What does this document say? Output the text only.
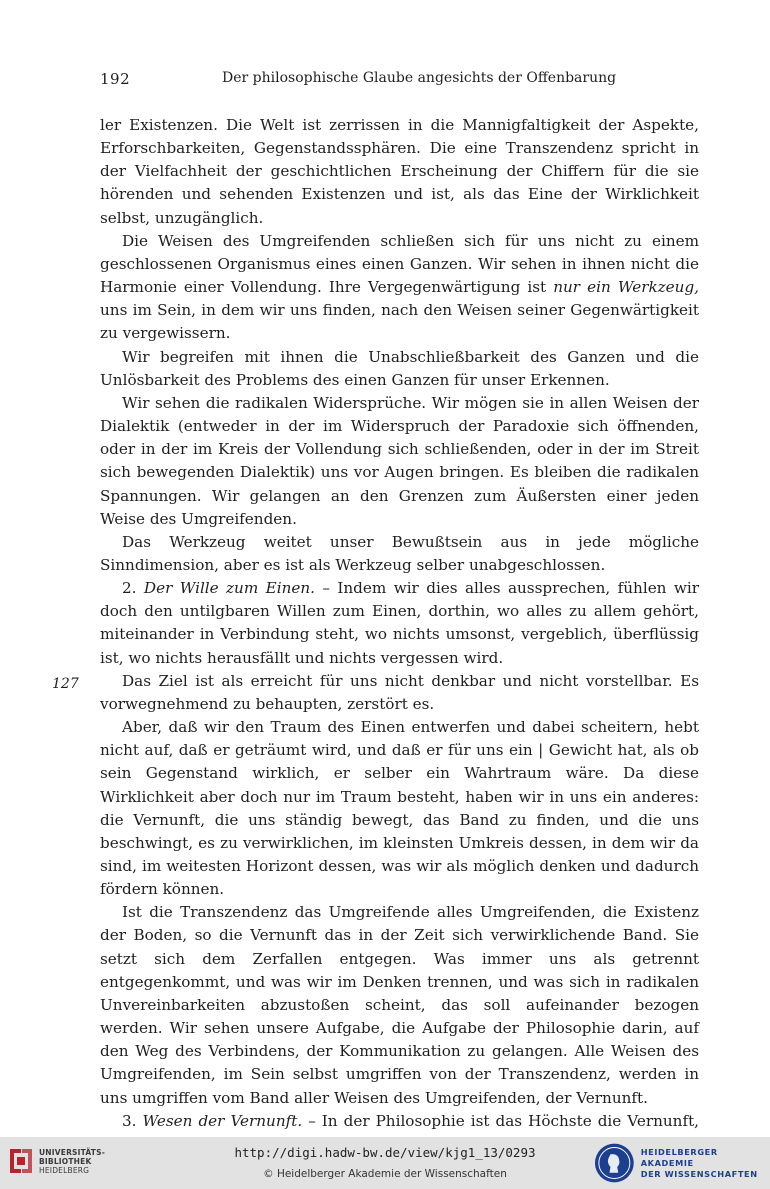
192	Der philosophische Glaube angesichts der Offenbarung
127

ler Existenzen. Die Welt ist zerrissen in die Mannigfaltigkeit der Aspekte, Erforschbarkeiten, Gegenstandssphären. Die eine Transzendenz spricht in der Vielfachheit der geschichtlichen Erscheinung der Chiffern für die sie hörenden und sehenden Existenzen und ist, als das Eine der Wirklichkeit selbst, unzugänglich.

Die Weisen des Umgreifenden schließen sich für uns nicht zu einem geschlossenen Organismus eines einen Ganzen. Wir sehen in ihnen nicht die Harmonie einer Vollendung. Ihre Vergegenwärtigung ist nur ein Werkzeug, uns im Sein, in dem wir uns finden, nach den Weisen seiner Gegenwärtigkeit zu vergewissern.

Wir begreifen mit ihnen die Unabschließbarkeit des Ganzen und die Unlösbarkeit des Problems des einen Ganzen für unser Erkennen.

Wir sehen die radikalen Widersprüche. Wir mögen sie in allen Weisen der Dialektik (entweder in der im Widerspruch der Paradoxie sich öffnenden, oder in der im Kreis der Vollendung sich schließenden, oder in der im Streit sich bewegenden Dialektik) uns vor Augen bringen. Es bleiben die radikalen Spannungen. Wir gelangen an den Grenzen zum Äußersten einer jeden Weise des Umgreifenden.

Das Werkzeug weitet unser Bewußtsein aus in jede mögliche Sinndimension, aber es ist als Werkzeug selber unabgeschlossen.

2. Der Wille zum Einen. – Indem wir dies alles aussprechen, fühlen wir doch den untilgbaren Willen zum Einen, dorthin, wo alles zu allem gehört, miteinander in Verbindung steht, wo nichts umsonst, vergeblich, überflüssig ist, wo nichts herausfällt und nichts vergessen wird.

Das Ziel ist als erreicht für uns nicht denkbar und nicht vorstellbar. Es vorwegnehmend zu behaupten, zerstört es.

Aber, daß wir den Traum des Einen entwerfen und dabei scheitern, hebt nicht auf, daß er geträumt wird, und daß er für uns ein | Gewicht hat, als ob sein Gegenstand wirklich, er selber ein Wahrtraum wäre. Da diese Wirklichkeit aber doch nur im Traum besteht, haben wir in uns ein anderes: die Vernunft, die uns ständig bewegt, das Band zu finden, und die uns beschwingt, es zu verwirklichen, im kleinsten Umkreis dessen, in dem wir da sind, im weitesten Horizont dessen, was wir als möglich denken und dadurch fördern können.

Ist die Transzendenz das Umgreifende alles Umgreifenden, die Existenz der Boden, so die Vernunft das in der Zeit sich verwirklichende Band. Sie setzt sich dem Zerfallen entgegen. Was immer uns als getrennt entgegenkommt, und was wir im Denken trennen, und was sich in radikalen Unvereinbarkeiten abzustoßen scheint, das soll aufeinander bezogen werden. Wir sehen unsere Aufgabe, die Aufgabe der Philosophie darin, auf den Weg des Verbindens, der Kommunikation zu gelangen. Alle Weisen des Umgreifenden, im Sein selbst umgriffen von der Transzendenz, werden in uns umgriffen vom Band aller Weisen des Umgreifenden, der Vernunft.

3. Wesen der Vernunft. – In der Philosophie ist das Höchste die Vernunft,

UNIVERSITÄTS-
BIBLIOTHEK
HEIDELBERG
http://digi.hadw-bw.de/view/kjg1_13/0293
© Heidelberger Akademie der Wissenschaften
HEIDELBERGER AKADEMIE
DER WISSENSCHAFTEN
